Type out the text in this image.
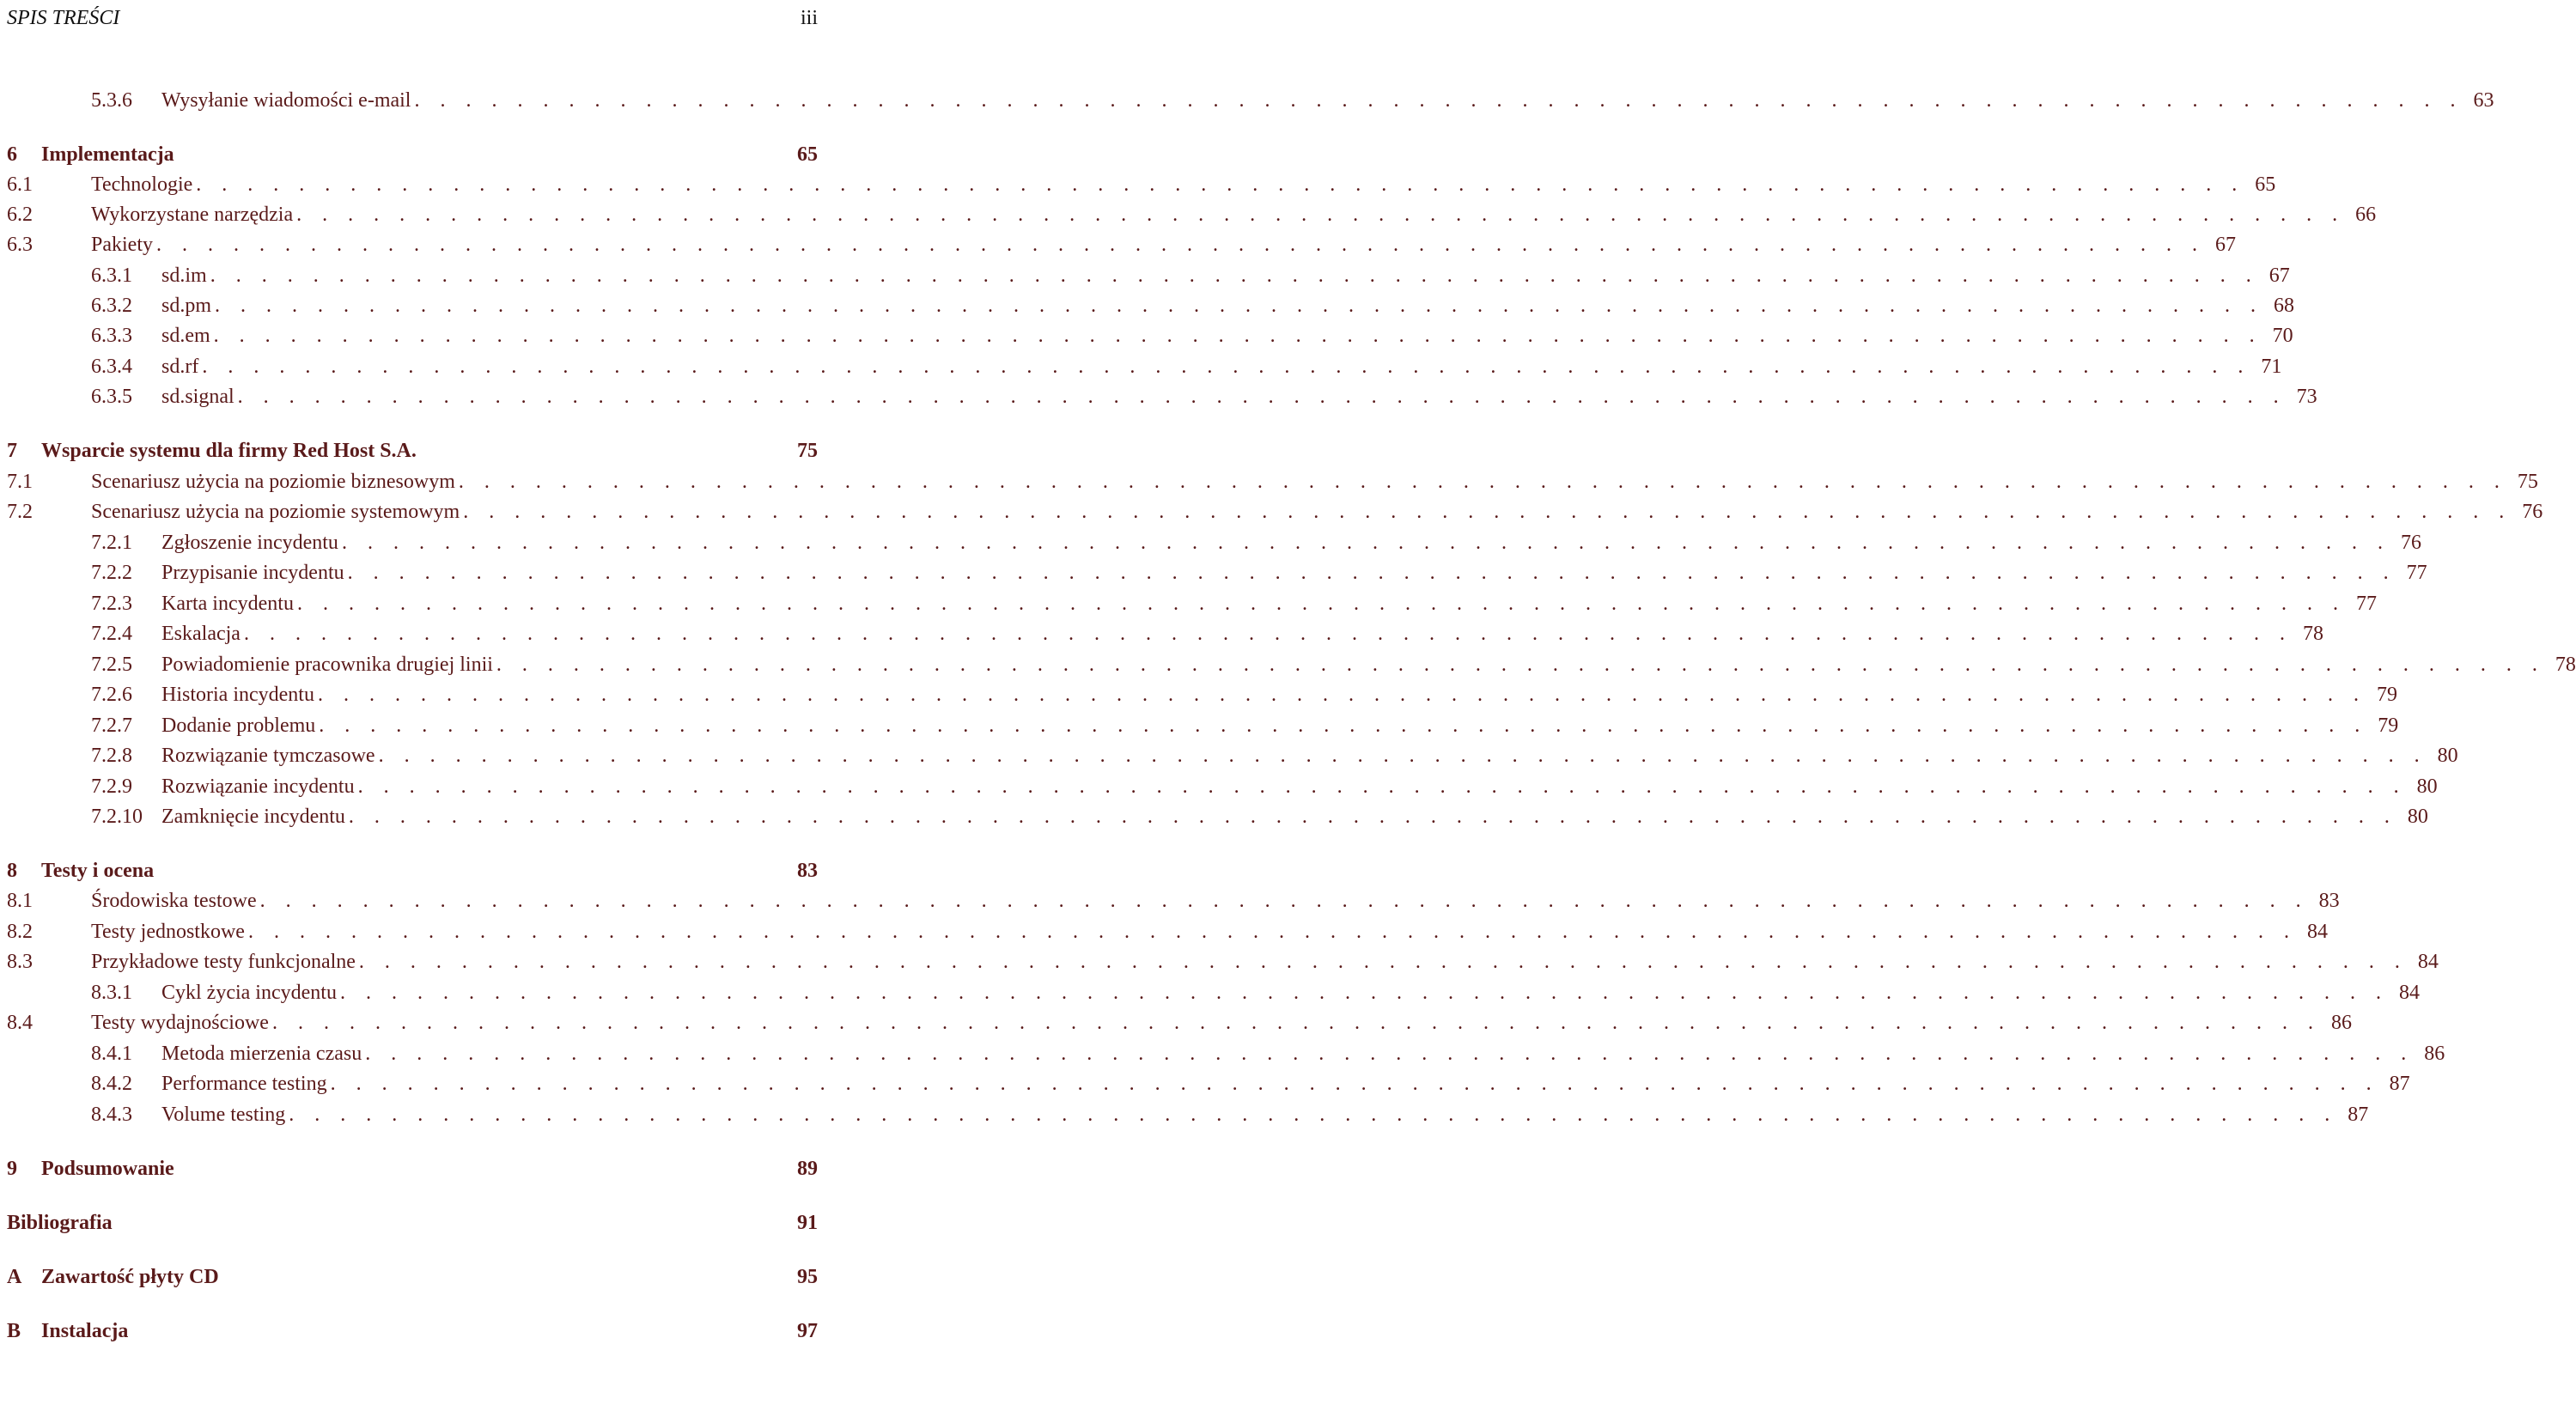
SPIS TREŚCI	iii
5.3.6	Wysyłanie wiadomości e-mail . . . . . . . . . . . . . . . . . . . . . . . . . . . . . . . . . . . . . . . . . . . . . . . . . . . . . . . . . . . . . . . . . . . . . . . . . . . . . . . . 63
6	Implementacja	65
6.1	Technologie . . . . . . . . . . . . . . . . . . . . . . . . . . . . . . . . . . . . . . . . . . . . . . . . . . . . . . . . . . . . . . . . . . . . . . . . . . . . . . . . 65
6.2	Wykorzystane narzędzia . . . . . . . . . . . . . . . . . . . . . . . . . . . . . . . . . . . . . . . . . . . . . . . . . . . . . . . . . . . . . . . . . . . . . . . . . . . . . . . . 66
6.3	Pakiety . . . . . . . . . . . . . . . . . . . . . . . . . . . . . . . . . . . . . . . . . . . . . . . . . . . . . . . . . . . . . . . . . . . . . . . . . . . . . . . . 67
6.3.1	sd.im . . . . . . . . . . . . . . . . . . . . . . . . . . . . . . . . . . . . . . . . . . . . . . . . . . . . . . . . . . . . . . . . . . . . . . . . . . . . . . . . 67
6.3.2	sd.pm . . . . . . . . . . . . . . . . . . . . . . . . . . . . . . . . . . . . . . . . . . . . . . . . . . . . . . . . . . . . . . . . . . . . . . . . . . . . . . . . 68
6.3.3	sd.em . . . . . . . . . . . . . . . . . . . . . . . . . . . . . . . . . . . . . . . . . . . . . . . . . . . . . . . . . . . . . . . . . . . . . . . . . . . . . . . . 70
6.3.4	sd.rf . . . . . . . . . . . . . . . . . . . . . . . . . . . . . . . . . . . . . . . . . . . . . . . . . . . . . . . . . . . . . . . . . . . . . . . . . . . . . . . . 71
6.3.5	sd.signal . . . . . . . . . . . . . . . . . . . . . . . . . . . . . . . . . . . . . . . . . . . . . . . . . . . . . . . . . . . . . . . . . . . . . . . . . . . . . . . . 73
7	Wsparcie systemu dla firmy Red Host S.A.	75
7.1	Scenariusz użycia na poziomie biznesowym . . . . . . . . . . . . . . . . . . . . . . . . . . . . . . . . . . . . . . . . . . . . . . . . . . . . . . . . . . . . . . . . . . . . . . . . . . . . . . . . 75
7.2	Scenariusz użycia na poziomie systemowym . . . . . . . . . . . . . . . . . . . . . . . . . . . . . . . . . . . . . . . . . . . . . . . . . . . . . . . . . . . . . . . . . . . . . . . . . . . . . . . . 76
7.2.1	Zgłoszenie incydentu . . . . . . . . . . . . . . . . . . . . . . . . . . . . . . . . . . . . . . . . . . . . . . . . . . . . . . . . . . . . . . . . . . . . . . . . . . . . . . . . 76
7.2.2	Przypisanie incydentu . . . . . . . . . . . . . . . . . . . . . . . . . . . . . . . . . . . . . . . . . . . . . . . . . . . . . . . . . . . . . . . . . . . . . . . . . . . . . . . . 77
7.2.3	Karta incydentu . . . . . . . . . . . . . . . . . . . . . . . . . . . . . . . . . . . . . . . . . . . . . . . . . . . . . . . . . . . . . . . . . . . . . . . . . . . . . . . . 77
7.2.4	Eskalacja . . . . . . . . . . . . . . . . . . . . . . . . . . . . . . . . . . . . . . . . . . . . . . . . . . . . . . . . . . . . . . . . . . . . . . . . . . . . . . . . 78
7.2.5	Powiadomienie pracownika drugiej linii . . . . . . . . . . . . . . . . . . . . . . . . . . . . . . . . . . . . . . . . . . . . . . . . . . . . . . . . . . . . . . . . . . . . . . . . . . . . . . . . 78
7.2.6	Historia incydentu . . . . . . . . . . . . . . . . . . . . . . . . . . . . . . . . . . . . . . . . . . . . . . . . . . . . . . . . . . . . . . . . . . . . . . . . . . . . . . . . 79
7.2.7	Dodanie problemu . . . . . . . . . . . . . . . . . . . . . . . . . . . . . . . . . . . . . . . . . . . . . . . . . . . . . . . . . . . . . . . . . . . . . . . . . . . . . . . . 79
7.2.8	Rozwiązanie tymczasowe . . . . . . . . . . . . . . . . . . . . . . . . . . . . . . . . . . . . . . . . . . . . . . . . . . . . . . . . . . . . . . . . . . . . . . . . . . . . . . . . 80
7.2.9	Rozwiązanie incydentu . . . . . . . . . . . . . . . . . . . . . . . . . . . . . . . . . . . . . . . . . . . . . . . . . . . . . . . . . . . . . . . . . . . . . . . . . . . . . . . . 80
7.2.10 Zamknięcie incydentu . . . . . . . . . . . . . . . . . . . . . . . . . . . . . . . . . . . . . . . . . . . . . . . . . . . . . . . . . . . . . . . . . . . . . . . . . . . . . . . . 80
8	Testy i ocena	83
8.1	Środowiska testowe . . . . . . . . . . . . . . . . . . . . . . . . . . . . . . . . . . . . . . . . . . . . . . . . . . . . . . . . . . . . . . . . . . . . . . . . . . . . . . . . 83
8.2	Testy jednostkowe . . . . . . . . . . . . . . . . . . . . . . . . . . . . . . . . . . . . . . . . . . . . . . . . . . . . . . . . . . . . . . . . . . . . . . . . . . . . . . . . 84
8.3	Przykładowe testy funkcjonalne . . . . . . . . . . . . . . . . . . . . . . . . . . . . . . . . . . . . . . . . . . . . . . . . . . . . . . . . . . . . . . . . . . . . . . . . . . . . . . . . 84
8.3.1	Cykl życia incydentu . . . . . . . . . . . . . . . . . . . . . . . . . . . . . . . . . . . . . . . . . . . . . . . . . . . . . . . . . . . . . . . . . . . . . . . . . . . . . . . . 84
8.4	Testy wydajnościowe . . . . . . . . . . . . . . . . . . . . . . . . . . . . . . . . . . . . . . . . . . . . . . . . . . . . . . . . . . . . . . . . . . . . . . . . . . . . . . . . 86
8.4.1	Metoda mierzenia czasu . . . . . . . . . . . . . . . . . . . . . . . . . . . . . . . . . . . . . . . . . . . . . . . . . . . . . . . . . . . . . . . . . . . . . . . . . . . . . . . . 86
8.4.2	Performance testing . . . . . . . . . . . . . . . . . . . . . . . . . . . . . . . . . . . . . . . . . . . . . . . . . . . . . . . . . . . . . . . . . . . . . . . . . . . . . . . . 87
8.4.3	Volume testing . . . . . . . . . . . . . . . . . . . . . . . . . . . . . . . . . . . . . . . . . . . . . . . . . . . . . . . . . . . . . . . . . . . . . . . . . . . . . . . . 87
9	Podsumowanie	89
Bibliografia	91
A Zawartość płyty CD	95
B Instalacja	97
